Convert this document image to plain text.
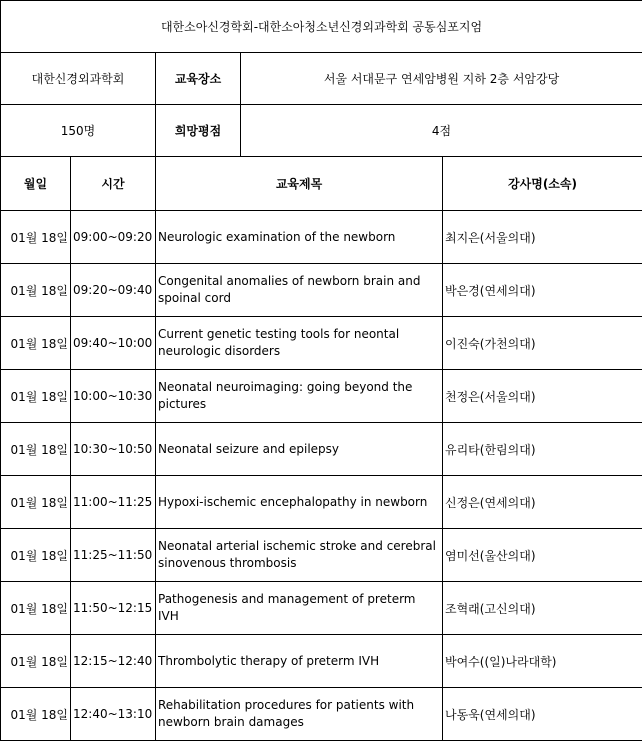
대한소아신경학회-대한소아청소년신경외과학회 공동심포지엄				
대한신경외과학회		교육장소	서울 서대문구 연세암병원 지하 2층 서암강당	
150명		희망평점	4점	
월일	시간	교육제목		강사명(소속)
01월 18일	09:00~09:20	Neurologic examination of the newborn		최지은(서울의대)
01월 18일	09:20~09:40	Congenital anomalies of newborn brain and spoinal cord		박은경(연세의대)
01월 18일	09:40~10:00	Current genetic testing tools for neontal neurologic disorders		이진숙(가천의대)
01월 18일	10:00~10:30	Neonatal neuroimaging: going beyond the pictures		천정은(서울의대)
01월 18일	10:30~10:50	Neonatal seizure and epilepsy		유리타(한림의대)
01월 18일	11:00~11:25	Hypoxi-ischemic encephalopathy in newborn		신정은(연세의대)
01월 18일	11:25~11:50	Neonatal arterial ischemic stroke and cerebral sinovenous thrombosis		염미선(울산의대)
01월 18일	11:50~12:15	Pathogenesis and management of preterm IVH		조혁래(고신의대)
01월 18일	12:15~12:40	Thrombolytic therapy of preterm IVH		박여수((일)나라대학)
01월 18일	12:40~13:10	Rehabilitation procedures for patients with newborn brain damages		나동욱(연세의대)
